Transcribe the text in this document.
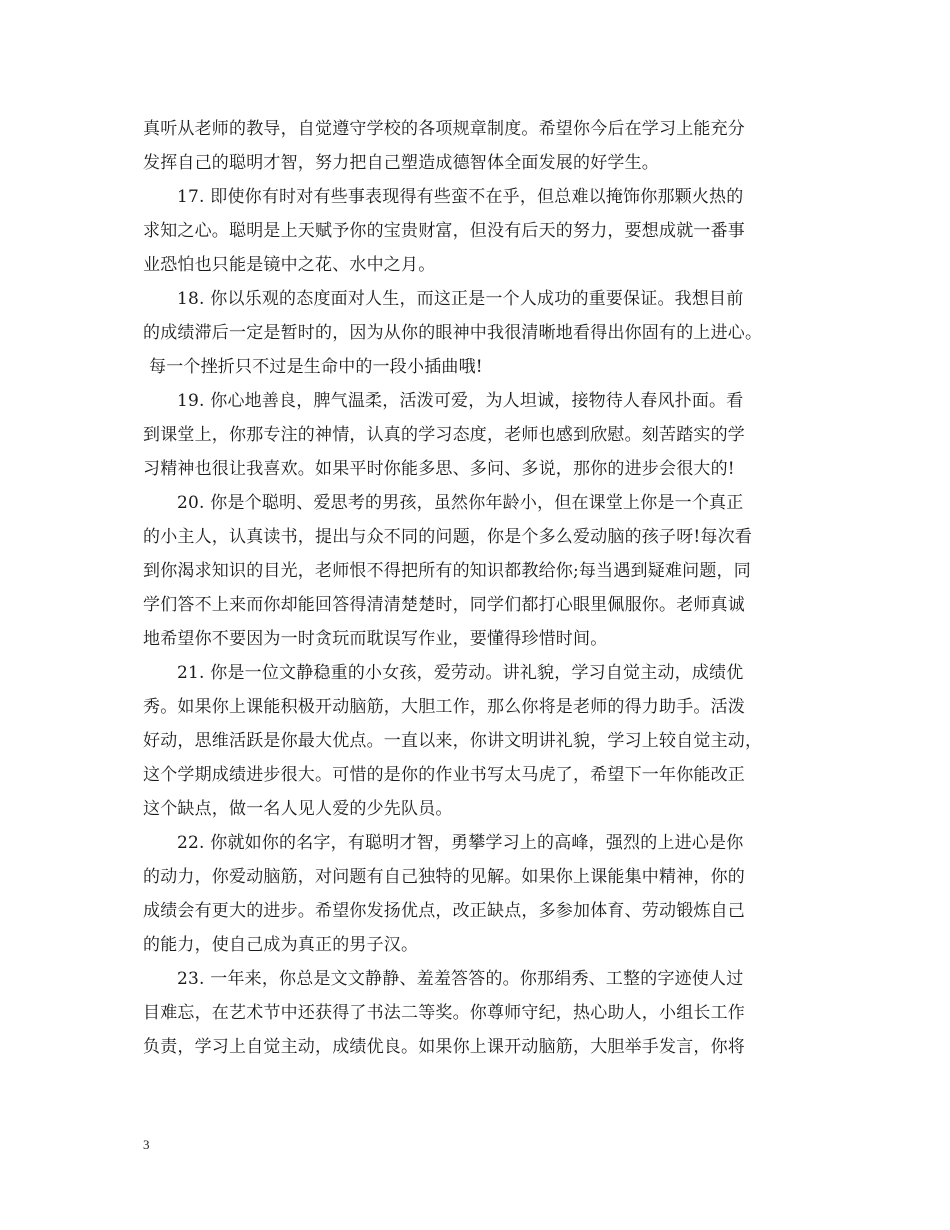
真听从老师的教导，自觉遵守学校的各项规章制度。希望你今后在学习上能充分
发挥自己的聪明才智，努力把自己塑造成德智体全面发展的好学生。
17. 即使你有时对有些事表现得有些蛮不在乎，但总难以掩饰你那颗火热的
求知之心。聪明是上天赋予你的宝贵财富，但没有后天的努力，要想成就一番事
业恐怕也只能是镜中之花、水中之月。
18. 你以乐观的态度面对人生，而这正是一个人成功的重要保证。我想目前
的成绩滞后一定是暂时的，因为从你的眼神中我很清晰地看得出你固有的上进心。
每一个挫折只不过是生命中的一段小插曲哦!
19. 你心地善良，脾气温柔，活泼可爱，为人坦诚，接物待人春风扑面。看
到课堂上，你那专注的神情，认真的学习态度，老师也感到欣慰。刻苦踏实的学
习精神也很让我喜欢。如果平时你能多思、多问、多说，那你的进步会很大的!
20. 你是个聪明、爱思考的男孩，虽然你年龄小，但在课堂上你是一个真正
的小主人，认真读书，提出与众不同的问题，你是个多么爱动脑的孩子呀!每次看
到你渴求知识的目光，老师恨不得把所有的知识都教给你;每当遇到疑难问题，同
学们答不上来而你却能回答得清清楚楚时，同学们都打心眼里佩服你。老师真诚
地希望你不要因为一时贪玩而耽误写作业，要懂得珍惜时间。
21. 你是一位文静稳重的小女孩，爱劳动。讲礼貌，学习自觉主动，成绩优
秀。如果你上课能积极开动脑筋，大胆工作，那么你将是老师的得力助手。活泼
好动，思维活跃是你最大优点。一直以来，你讲文明讲礼貌，学习上较自觉主动，
这个学期成绩进步很大。可惜的是你的作业书写太马虎了，希望下一年你能改正
这个缺点，做一名人见人爱的少先队员。
22. 你就如你的名字，有聪明才智，勇攀学习上的高峰，强烈的上进心是你
的动力，你爱动脑筋，对问题有自己独特的见解。如果你上课能集中精神，你的
成绩会有更大的进步。希望你发扬优点，改正缺点，多参加体育、劳动锻炼自己
的能力，使自己成为真正的男子汉。
23. 一年来，你总是文文静静、羞羞答答的。你那绢秀、工整的字迹使人过
目难忘，在艺术节中还获得了书法二等奖。你尊师守纪，热心助人，小组长工作
负责，学习上自觉主动，成绩优良。如果你上课开动脑筋，大胆举手发言，你将
3
